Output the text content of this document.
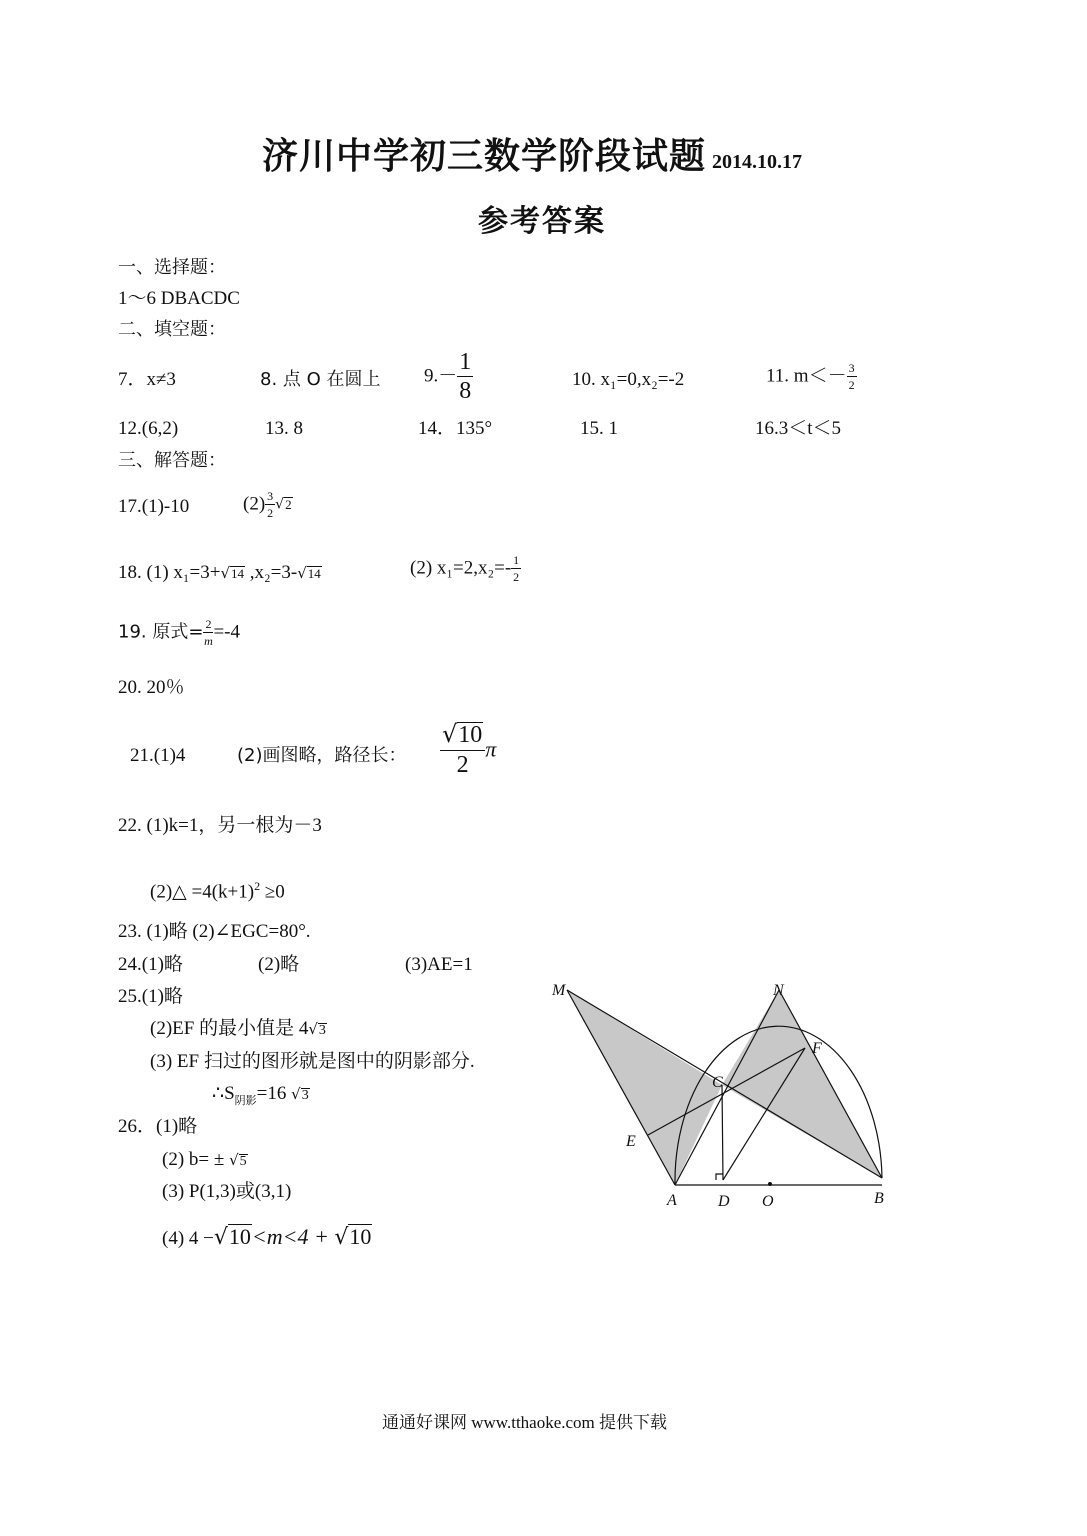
济川中学初三数学阶段试题 2014.10.17
参考答案
一、选择题：
1～6 DBACDC
二、填空题：
7．x≠3	8. 点 O 在圆上 $9.- \frac{1}{8}$	10. x₁=0,x₂=-2	11. $m<- \frac{3}{2}$
12.(6,2)	13. 8	14．135°	15. 1	16.3＜t＜5
三、解答题：
17.(1)-10	$(2) \frac{3}{2} √2$
18. (1) x₁=3+√14 ,x₂=3-√14	(2) $x_1=2,x_2=- \frac{1}{2}$
19. 原式= $\frac{2}{m} =-4$
20. 20％
21.(1)4	(2)画图略，路径长： $\frac{√10}{2}$ π
22. (1)k=1，另一根为－3
(2)△ $=4(k+1)^2 \ge 0$
23. (1)略 (2)∠EGC=80°.
24.(1)略	(2)略	(3)AE=1
25.(1)略
(2)EF 的最小值是 4√3
(3) EF 扫过的图形就是图中的阴影部分.
$\therefore S_{阴影}=16$ √3
26．(1)略
(2) b= ± √5
(3) P(1,3)或(3,1)
(4) 4 −√10<m<4 + √10
M	N
F
C
E
A	D O	B
通通好课网 www.tthaoke.com 提供下载
